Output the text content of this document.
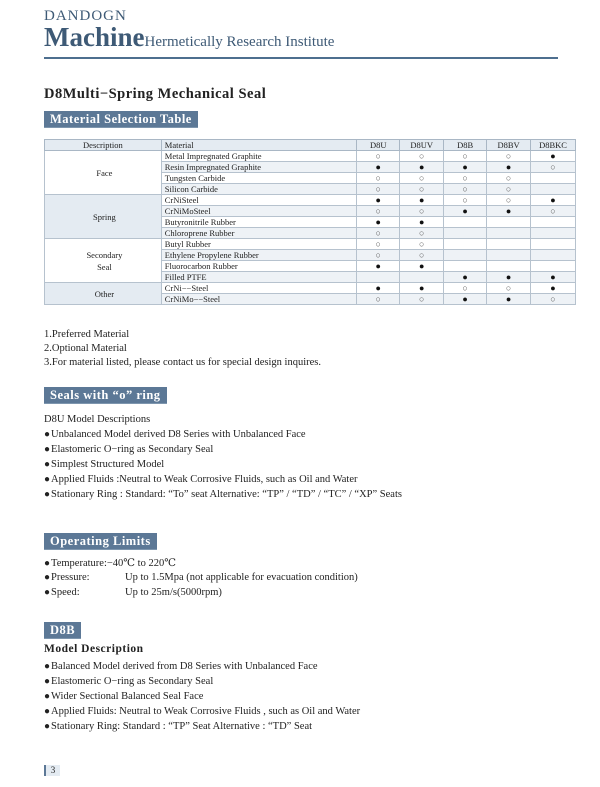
DANDOGN
MachineHermetically Research Institute
D8Multi−Spring Mechanical Seal
Material Selection Table
Description	Material	D8U	D8UV	D8B	D8BV	D8BKC

Face	Metal Impregnated Graphite	○	○	○	○	●
	Resin Impregnated Graphite	●	●	●	●	○
	Tungsten Carbide	○	○	○	○	
	Silicon Carbide	○	○	○	○	

Spring	CrNiSteel	●	●	○	○	●
	CrNiMoSteel	○	○	●	●	○
	Butyronitrile Rubber	●	●			
	Chloroprene Rubber	○	○			

Secondary
Seal	Butyl Rubber	○	○			
	Ethylene Propylene Rubber	○	○			
	Fluorocarbon Rubber	●	●			
	Filled PTFE			●	●	●

Other	CrNi−−Steel	●	●	○	○	●
	CrNiMo−−Steel	○	○	●	●	○
1.Preferred Material
2.Optional Material
3.For material listed, please contact us for special design inquires.
Seals with “o” ring
D8U Model Descriptions
●Unbalanced Model derived D8 Series with Unbalanced Face
●Elastomeric O−ring as Secondary Seal
●Simplest Structured Model
●Applied Fluids :Neutral to Weak Corrosive Fluids, such as Oil and Water
●Stationary Ring : Standard: “To” seat Alternative: “TP” / “TD” / “TC” / “XP” Seats
Operating Limits
●Temperature:−40℃ to 220℃
●Pressure:	Up to 1.5Mpa (not applicable for evacuation condition)
●Speed:	Up to 25m/s(5000rpm)
D8B
Model Description
●Balanced Model derived from D8 Series with Unbalanced Face
●Elastomeric O−ring as Secondary Seal
●Wider Sectional Balanced Seal Face
●Applied Fluids: Neutral to Weak Corrosive Fluids , such as Oil and Water
●Stationary Ring: Standard : “TP” Seat Alternative : “TD” Seat
3
